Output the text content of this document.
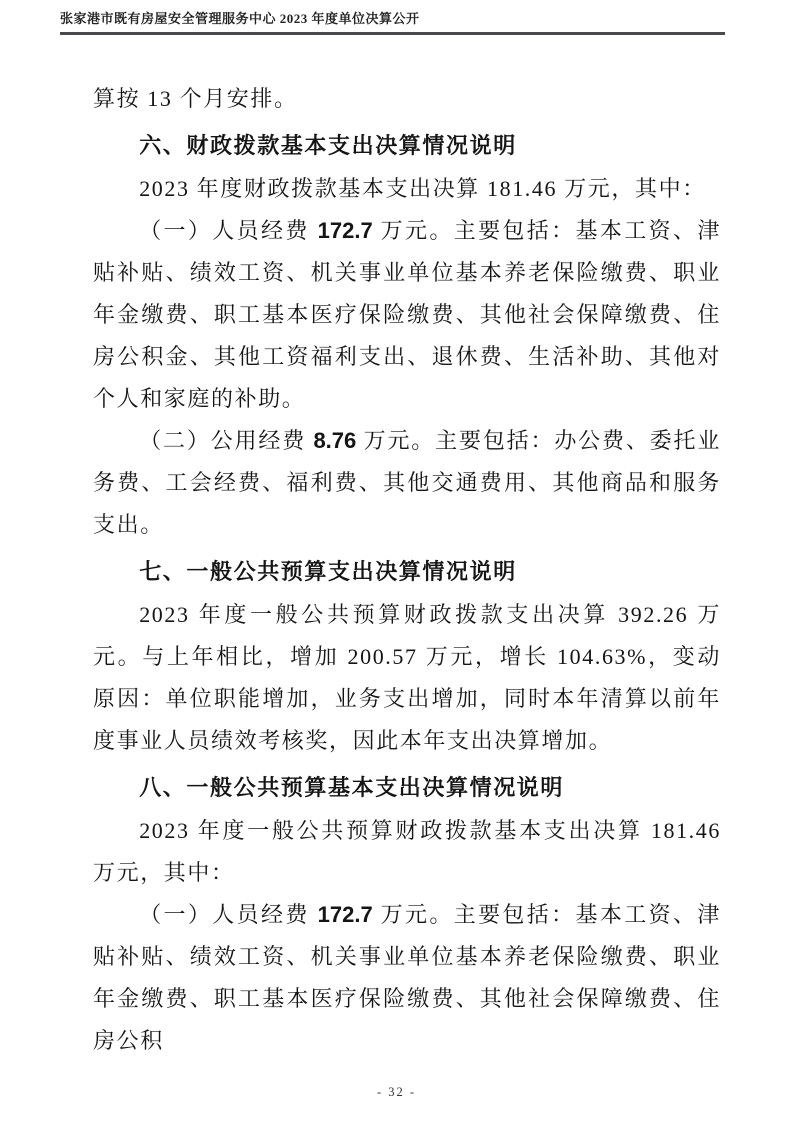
张家港市既有房屋安全管理服务中心 2023 年度单位决算公开

算按 13 个月安排。

六、财政拨款基本支出决算情况说明

2023 年度财政拨款基本支出决算 181.46 万元，其中：

（一）人员经费 172.7 万元。主要包括：基本工资、津贴补贴、绩效工资、机关事业单位基本养老保险缴费、职业年金缴费、职工基本医疗保险缴费、其他社会保障缴费、住房公积金、其他工资福利支出、退休费、生活补助、其他对个人和家庭的补助。

（二）公用经费 8.76 万元。主要包括：办公费、委托业务费、工会经费、福利费、其他交通费用、其他商品和服务支出。

七、一般公共预算支出决算情况说明

2023 年度一般公共预算财政拨款支出决算 392.26 万元。与上年相比，增加 200.57 万元，增长 104.63%，变动原因：单位职能增加，业务支出增加，同时本年清算以前年度事业人员绩效考核奖，因此本年支出决算增加。

八、一般公共预算基本支出决算情况说明

2023 年度一般公共预算财政拨款基本支出决算 181.46 万元，其中：

（一）人员经费 172.7 万元。主要包括：基本工资、津贴补贴、绩效工资、机关事业单位基本养老保险缴费、职业年金缴费、职工基本医疗保险缴费、其他社会保障缴费、住房公积

- 32 -
